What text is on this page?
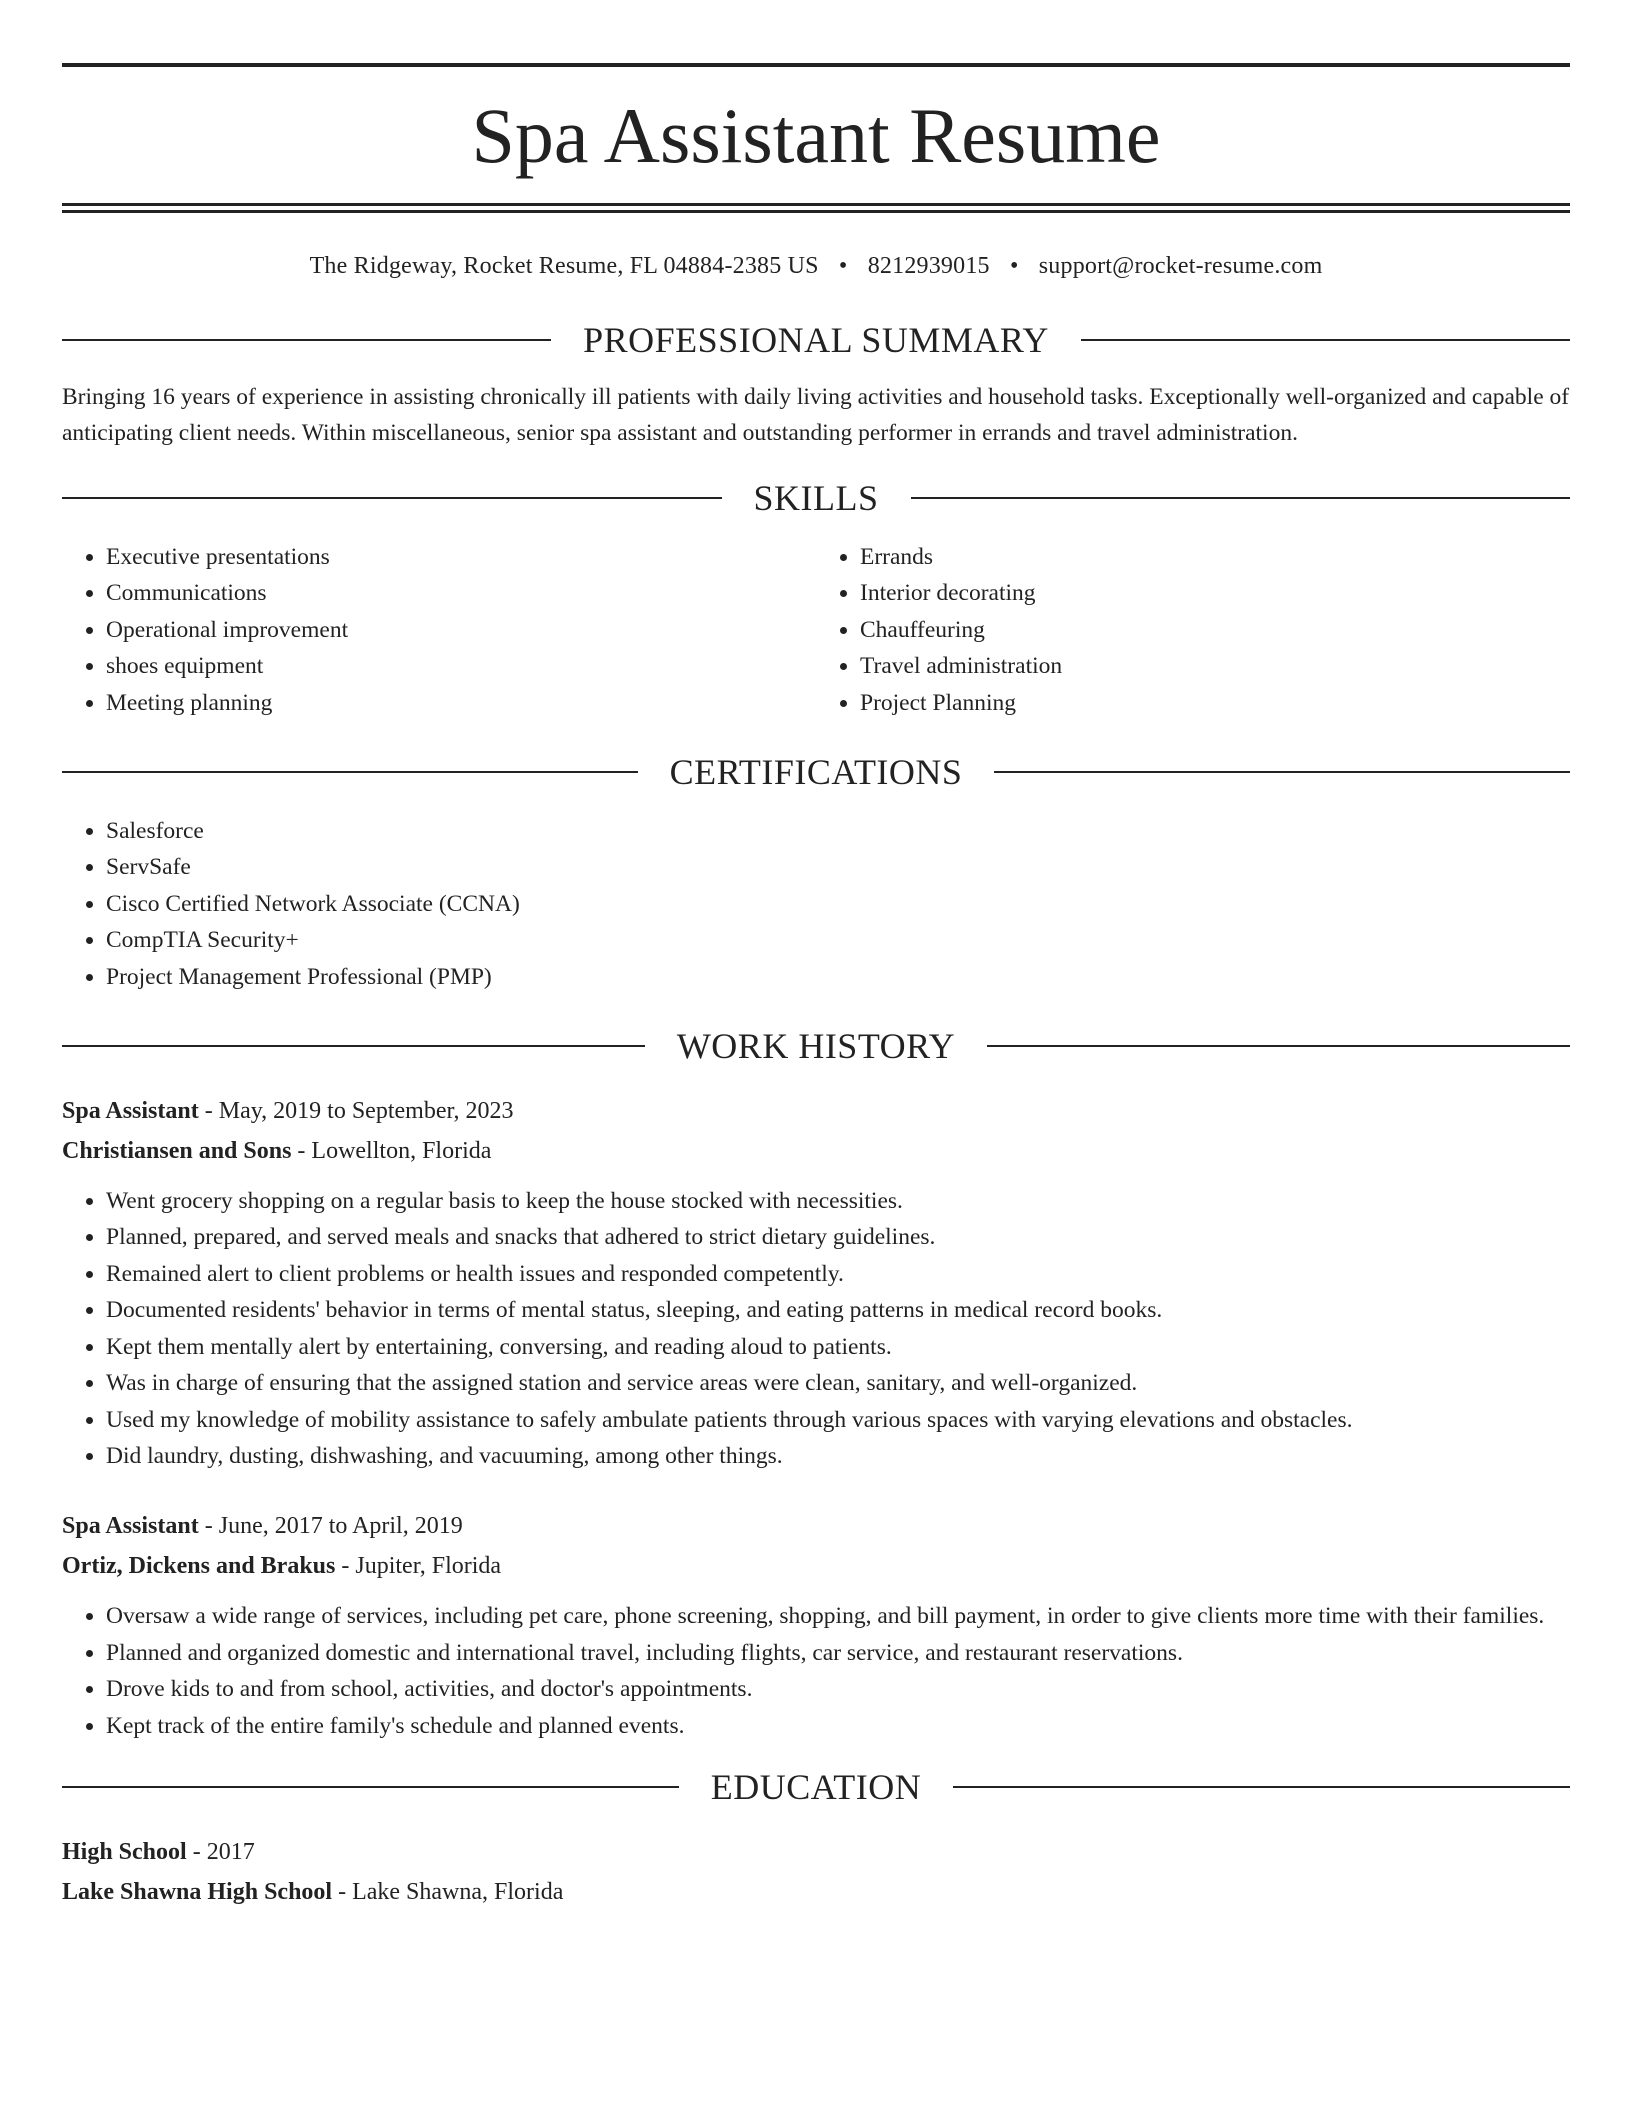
Spa Assistant Resume
The Ridgeway, Rocket Resume, FL 04884-2385 US • 8212939015 • support@rocket-resume.com
PROFESSIONAL SUMMARY
Bringing 16 years of experience in assisting chronically ill patients with daily living activities and household tasks. Exceptionally well-organized and capable of anticipating client needs. Within miscellaneous, senior spa assistant and outstanding performer in errands and travel administration.
SKILLS
• Executive presentations
• Communications
• Operational improvement
• shoes equipment
• Meeting planning
• Errands
• Interior decorating
• Chauffeuring
• Travel administration
• Project Planning
CERTIFICATIONS
• Salesforce
• ServSafe
• Cisco Certified Network Associate (CCNA)
• CompTIA Security+
• Project Management Professional (PMP)
WORK HISTORY
Spa Assistant - May, 2019 to September, 2023
Christiansen and Sons - Lowellton, Florida
• Went grocery shopping on a regular basis to keep the house stocked with necessities.
• Planned, prepared, and served meals and snacks that adhered to strict dietary guidelines.
• Remained alert to client problems or health issues and responded competently.
• Documented residents' behavior in terms of mental status, sleeping, and eating patterns in medical record books.
• Kept them mentally alert by entertaining, conversing, and reading aloud to patients.
• Was in charge of ensuring that the assigned station and service areas were clean, sanitary, and well-organized.
• Used my knowledge of mobility assistance to safely ambulate patients through various spaces with varying elevations and obstacles.
• Did laundry, dusting, dishwashing, and vacuuming, among other things.
Spa Assistant - June, 2017 to April, 2019
Ortiz, Dickens and Brakus - Jupiter, Florida
• Oversaw a wide range of services, including pet care, phone screening, shopping, and bill payment, in order to give clients more time with their families.
• Planned and organized domestic and international travel, including flights, car service, and restaurant reservations.
• Drove kids to and from school, activities, and doctor's appointments.
• Kept track of the entire family's schedule and planned events.
EDUCATION
High School - 2017
Lake Shawna High School - Lake Shawna, Florida
